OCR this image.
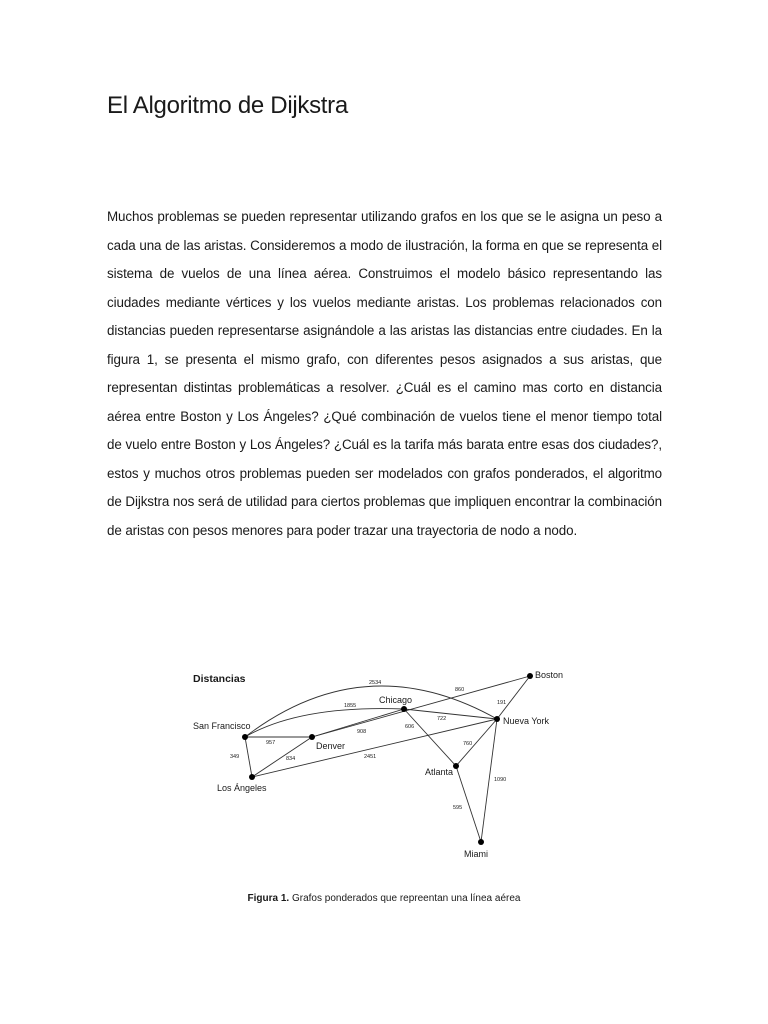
El Algoritmo de Dijkstra

Muchos problemas se pueden representar utilizando grafos en los que se le asigna un peso a cada una de las aristas. Consideremos a modo de ilustración, la forma en que se representa el sistema de vuelos de una línea aérea. Construimos el modelo básico representando las ciudades mediante vértices y los vuelos mediante aristas. Los problemas relacionados con distancias pueden representarse asignándole a las aristas las distancias entre ciudades. En la figura 1, se presenta el mismo grafo, con diferentes pesos asignados a sus aristas, que representan distintas problemáticas a resolver. ¿Cuál es el camino mas corto en distancia aérea entre Boston y Los Ángeles? ¿Qué combinación de vuelos tiene el menor tiempo total de vuelo entre Boston y Los Ángeles? ¿Cuál es la tarifa más barata entre esas dos ciudades?, estos y muchos otros problemas pueden ser modelados con grafos ponderados, el algoritmo de Dijkstra nos será de utilidad para ciertos problemas que impliquen encontrar la combinación de aristas con pesos menores para poder trazar una trayectoria de nodo a nodo.

Distancias
San Francisco
Los Ángeles
Denver
Chicago
Nueva York
Boston
Atlanta
Miami
2534
1855
957
349	834	2451
908
860
722
606
191
760
1090
595

Figura 1. Grafos ponderados que repreentan una línea aérea
